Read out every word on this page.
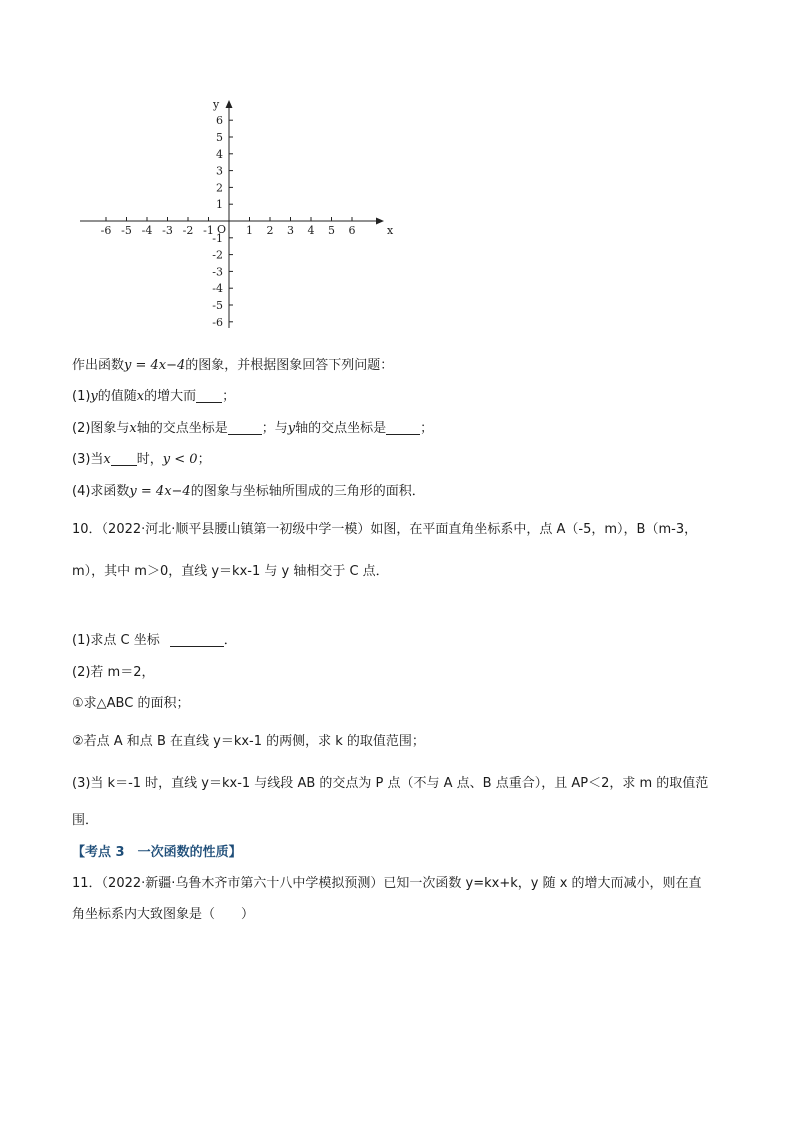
x
y
O
-6 -5 -4 -3 -2 -1	1 2 3 4 5 6
6
5
4
3
2
1
-1
-2
-3
-4
-5
-6
作出函数y = 4x−4的图象，并根据图象回答下列问题：
(1)y的值随x的增大而 ；
(2)图象与x轴的交点坐标是	；与y轴的交点坐标是	；
(3)当x 时，y < 0；
(4)求函数y = 4x−4的图象与坐标轴所围成的三角形的面积．
10．（2022·河北·顺平县腰山镇第一初级中学一模）如图，在平面直角坐标系中，点 A（-5，m），B（m-3，
m），其中 m＞0，直线 y＝kx-1 与 y 轴相交于 C 点．
(1)求点 C 坐标	．
(2)若 m＝2，
①求△ABC 的面积；
②若点 A 和点 B 在直线 y＝kx-1 的两侧，求 k 的取值范围；
(3)当 k＝-1 时，直线 y＝kx-1 与线段 AB 的交点为 P 点（不与 A 点、B 点重合），且 AP＜2，求 m 的取值范
围．
【考点 3　一次函数的性质】
11．（2022·新疆·乌鲁木齐市第六十八中学模拟预测）已知一次函数 y=kx+k，y 随 x 的增大而减小，则在直
角坐标系内大致图象是（　　）
